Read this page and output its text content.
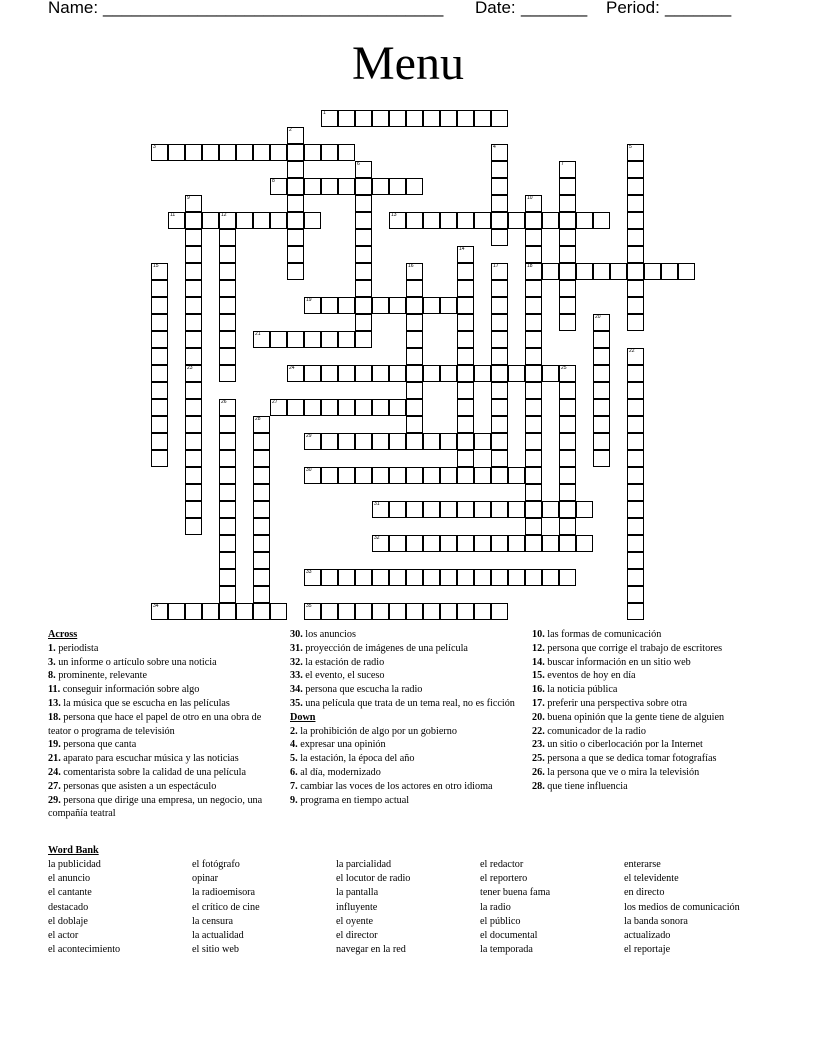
Name: ____________________________________ Date: _______ Period: _______
Menu
1
3
8
11	12	13
18
19
21
24	25
27
29
30
31
32
33
34	35
2
4	5
6	7
9	10
14
15	16	17
20
22
23
26
28
Across
1. periodista
3. un informe o artículo sobre una noticia
8. prominente, relevante
11. conseguir información sobre algo
13. la música que se escucha en las películas
18. persona que hace el papel de otro en una obra de teator o programa de televisión
19. persona que canta
21. aparato para escuchar música y las noticias
24. comentarista sobre la calidad de una película
27. personas que asisten a un espectáculo
29. persona que dirige una empresa, un negocio, una compañía teatral
30. los anuncios
31. proyección de imágenes de una película
32. la estación de radio
33. el evento, el suceso
34. persona que escucha la radio
35. una película que trata de un tema real, no es ficción
Down
2. la prohibición de algo por un gobierno
4. expresar una opinión
5. la estación, la época del año
6. al día, modernizado
7. cambiar las voces de los actores en otro idioma
9. programa en tiempo actual
10. las formas de comunicación
12. persona que corrige el trabajo de escritores
14. buscar información en un sitio web
15. eventos de hoy en día
16. la noticia pública
17. preferir una perspectiva sobre otra
20. buena opinión que la gente tiene de alguien
22. comunicador de la radio
23. un sitio o ciberlocación por la Internet
25. persona a que se dedica tomar fotografías
26. la persona que ve o mira la televisión
28. que tiene influencia
Word Bank
la publicidad
el anuncio
el cantante
destacado
el doblaje
el actor
el acontecimiento
el fotógrafo
opinar
la radioemisora
el crítico de cine
la censura
la actualidad
el sitio web
la parcialidad
el locutor de radio
la pantalla
influyente
el oyente
el director
navegar en la red
el redactor
el reportero
tener buena fama
la radio
el público
el documental
la temporada
enterarse
el televidente
en directo
los medios de comunicación
la banda sonora
actualizado
el reportaje
